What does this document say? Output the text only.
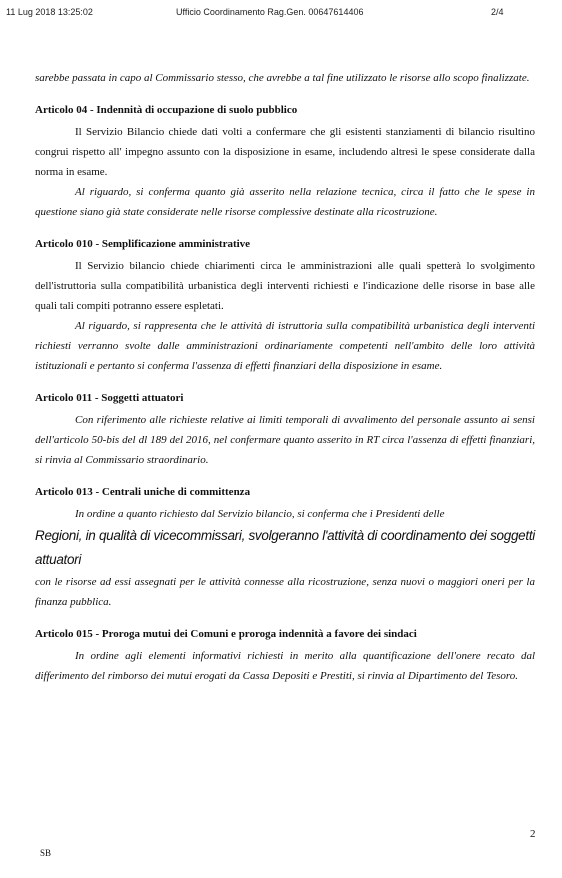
11 Lug 2018 13:25:02	Ufficio Coordinamento Rag.Gen. 00647614406	2/4

sarebbe passata in capo al Commissario stesso, che avrebbe a tal fine utilizzato le risorse allo scopo finalizzate.

Articolo 04 - Indennità di occupazione di suolo pubblico

Il Servizio Bilancio chiede dati volti a confermare che gli esistenti stanziamenti di bilancio risultino congrui rispetto all' impegno assunto con la disposizione in esame, includendo altresì le spese considerate dalla norma in esame.

Al riguardo, si conferma quanto già asserito nella relazione tecnica, circa il fatto che le spese in questione siano già state considerate nelle risorse complessive destinate alla ricostruzione.

Articolo 010 - Semplificazione amministrative

Il Servizio bilancio chiede chiarimenti circa le amministrazioni alle quali spetterà lo svolgimento dell'istruttoria sulla compatibilità urbanistica degli interventi richiesti e l'indicazione delle risorse in base alle quali tali compiti potranno essere espletati.

Al riguardo, si rappresenta che le attività di istruttoria sulla compatibilità urbanistica degli interventi richiesti verranno svolte dalle amministrazioni ordinariamente competenti nell'ambito delle loro attività istituzionali e pertanto si conferma l'assenza di effetti finanziari della disposizione in esame.

Articolo 011 - Soggetti attuatori

Con riferimento alle richieste relative ai limiti temporali di avvalimento del personale assunto ai sensi dell'articolo 50-bis del dl 189 del 2016, nel confermare quanto asserito in RT circa l'assenza di effetti finanziari, si rinvia al Commissario straordinario.

Articolo 013 - Centrali uniche di committenza

In ordine a quanto richiesto dal Servizio bilancio, si conferma che i Presidenti delle

Regioni, in qualità di vicecommissari, svolgeranno l'attività di coordinamento dei soggetti attuatori

con le risorse ad essi assegnati per le attività connesse alla ricostruzione, senza nuovi o maggiori oneri per la finanza pubblica.

Articolo 015 - Proroga mutui dei Comuni e proroga indennità a favore dei sindaci

In ordine agli elementi informativi richiesti in merito alla quantificazione dell'onere recato dal differimento del rimborso dei mutui erogati da Cassa Depositi e Prestiti, si rinvia al Dipartimento del Tesoro.

2
SB
